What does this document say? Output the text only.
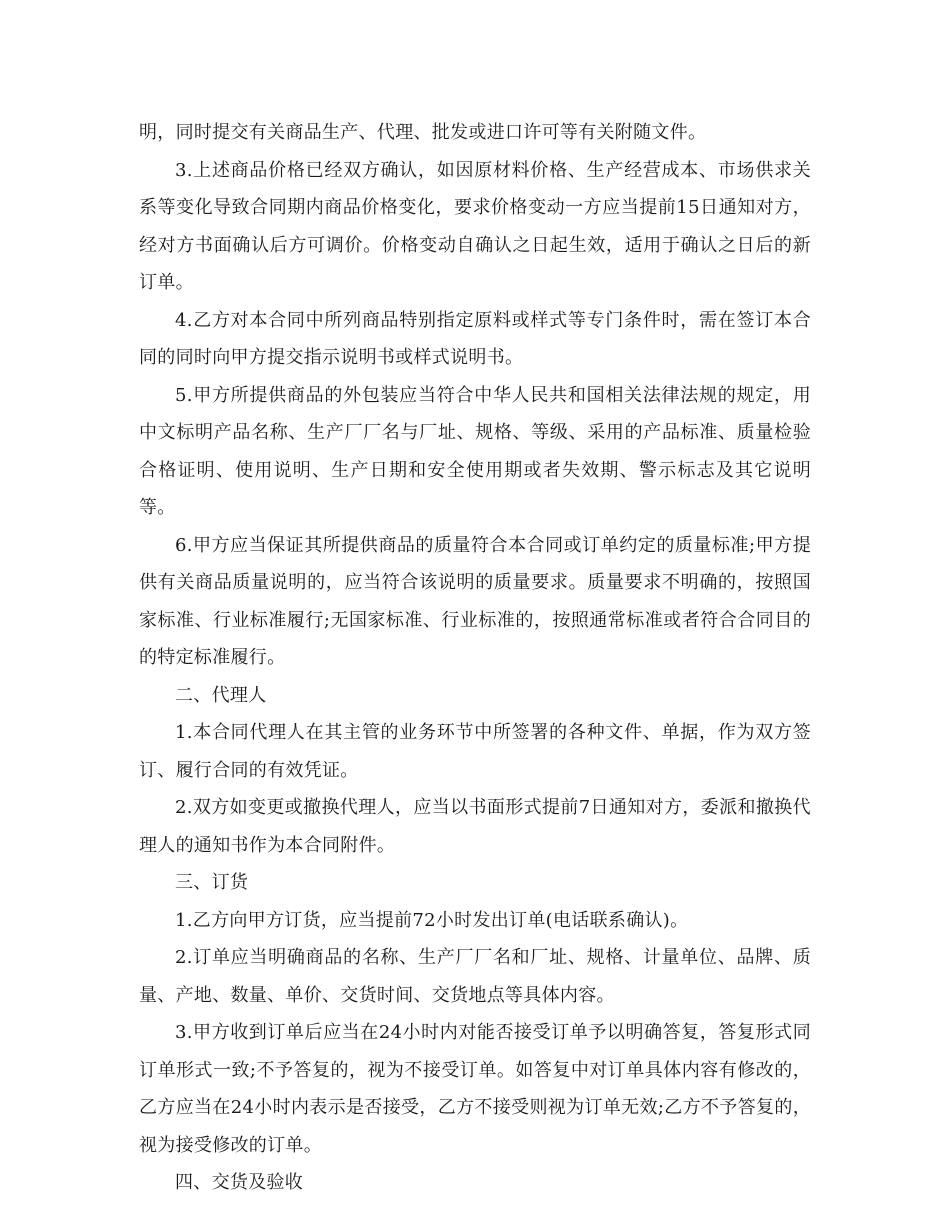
明，同时提交有关商品生产、代理、批发或进口许可等有关附随文件。

3.上述商品价格已经双方确认，如因原材料价格、生产经营成本、市场供求关系等变化导致合同期内商品价格变化，要求价格变动一方应当提前15日通知对方，经对方书面确认后方可调价。价格变动自确认之日起生效，适用于确认之日后的新订单。

4.乙方对本合同中所列商品特别指定原料或样式等专门条件时，需在签订本合同的同时向甲方提交指示说明书或样式说明书。

5.甲方所提供商品的外包装应当符合中华人民共和国相关法律法规的规定，用中文标明产品名称、生产厂厂名与厂址、规格、等级、采用的产品标准、质量检验合格证明、使用说明、生产日期和安全使用期或者失效期、警示标志及其它说明等。

6.甲方应当保证其所提供商品的质量符合本合同或订单约定的质量标准;甲方提供有关商品质量说明的，应当符合该说明的质量要求。质量要求不明确的，按照国家标准、行业标准履行;无国家标准、行业标准的，按照通常标准或者符合合同目的的特定标准履行。

二、代理人

1.本合同代理人在其主管的业务环节中所签署的各种文件、单据，作为双方签订、履行合同的有效凭证。

2.双方如变更或撤换代理人，应当以书面形式提前7日通知对方，委派和撤换代理人的通知书作为本合同附件。

三、订货

1.乙方向甲方订货，应当提前72小时发出订单(电话联系确认)。

2.订单应当明确商品的名称、生产厂厂名和厂址、规格、计量单位、品牌、质量、产地、数量、单价、交货时间、交货地点等具体内容。

3.甲方收到订单后应当在24小时内对能否接受订单予以明确答复，答复形式同订单形式一致;不予答复的，视为不接受订单。如答复中对订单具体内容有修改的，乙方应当在24小时内表示是否接受，乙方不接受则视为订单无效;乙方不予答复的，视为接受修改的订单。

四、交货及验收
